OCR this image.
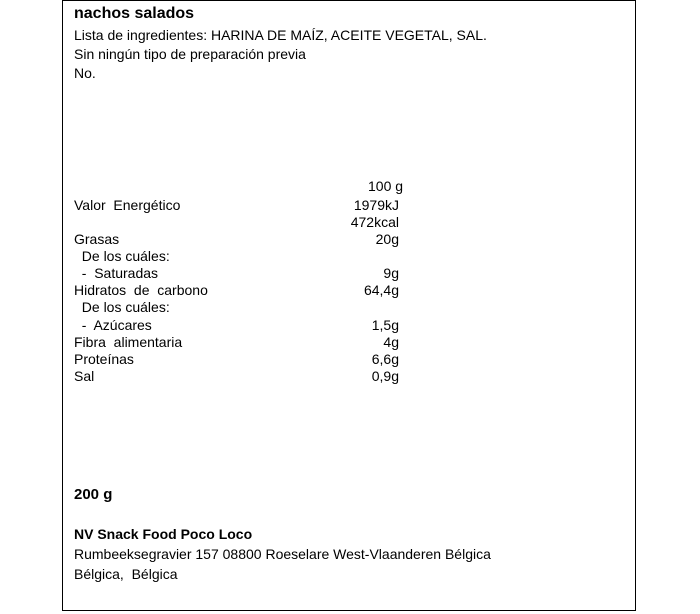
nachos salados
Lista de ingredientes: HARINA DE MAÍZ, ACEITE VEGETAL, SAL.
Sin ningún tipo de preparación previa
No.
100 g
Valor  Energético	1979kJ
472kcal
Grasas	20g
De los cuáles:
-  Saturadas	9g
Hidratos  de  carbono	64,4g
De los cuáles:
-  Azúcares	1,5g
Fibra  alimentaria	4g
Proteínas	6,6g
Sal	0,9g
200 g
NV Snack Food Poco Loco
Rumbeeksegravier 157 08800 Roeselare West-Vlaanderen Bélgica
Bélgica,  Bélgica
